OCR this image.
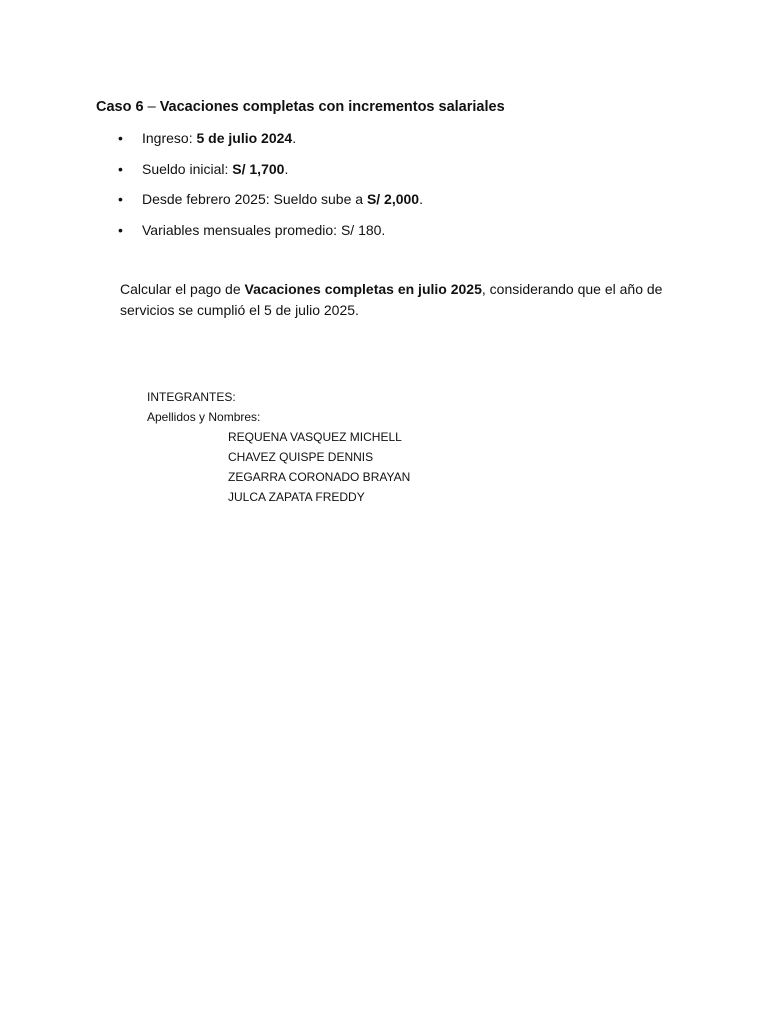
Caso 6 – Vacaciones completas con incrementos salariales
• Ingreso: 5 de julio 2024.
• Sueldo inicial: S/ 1,700.
• Desde febrero 2025: Sueldo sube a S/ 2,000.
• Variables mensuales promedio: S/ 180.

Calcular el pago de Vacaciones completas en julio 2025, considerando que el año de

servicios se cumplió el 5 de julio 2025.

INTEGRANTES:
Apellidos y Nombres:
REQUENA VASQUEZ MICHELL
CHAVEZ QUISPE DENNIS
ZEGARRA CORONADO BRAYAN
JULCA ZAPATA FREDDY
